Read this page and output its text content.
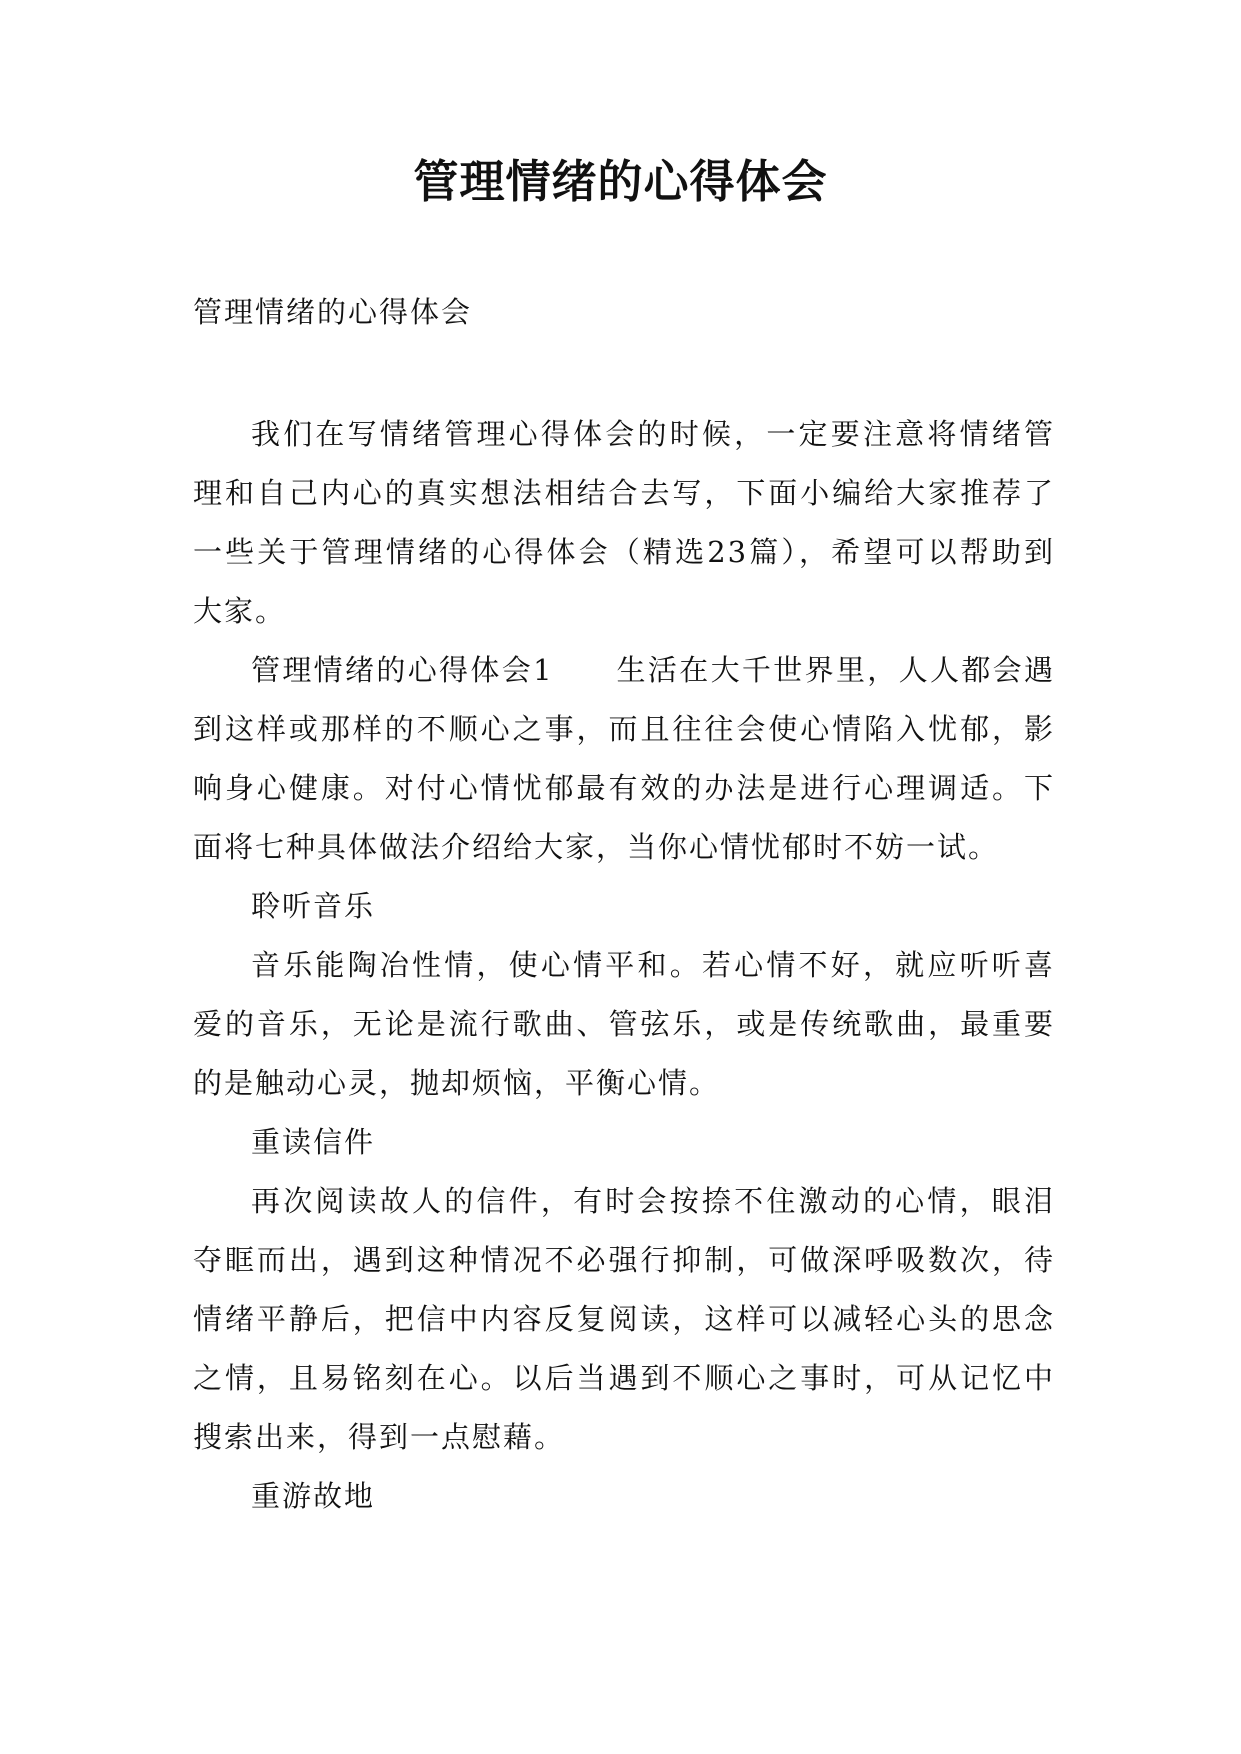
管理情绪的心得体会

管理情绪的心得体会

我们在写情绪管理心得体会的时候，一定要注意将情绪管理和自己内心的真实想法相结合去写，下面小编给大家推荐了一些关于管理情绪的心得体会（精选23篇），希望可以帮助到大家。

管理情绪的心得体会1　　生活在大千世界里，人人都会遇到这样或那样的不顺心之事，而且往往会使心情陷入忧郁，影响身心健康。对付心情忧郁最有效的办法是进行心理调适。下面将七种具体做法介绍给大家，当你心情忧郁时不妨一试。

聆听音乐

音乐能陶冶性情，使心情平和。若心情不好，就应听听喜爱的音乐，无论是流行歌曲、管弦乐，或是传统歌曲，最重要的是触动心灵，抛却烦恼，平衡心情。

重读信件

再次阅读故人的信件，有时会按捺不住激动的心情，眼泪夺眶而出，遇到这种情况不必强行抑制，可做深呼吸数次，待情绪平静后，把信中内容反复阅读，这样可以减轻心头的思念之情，且易铭刻在心。以后当遇到不顺心之事时，可从记忆中搜索出来，得到一点慰藉。

重游故地
